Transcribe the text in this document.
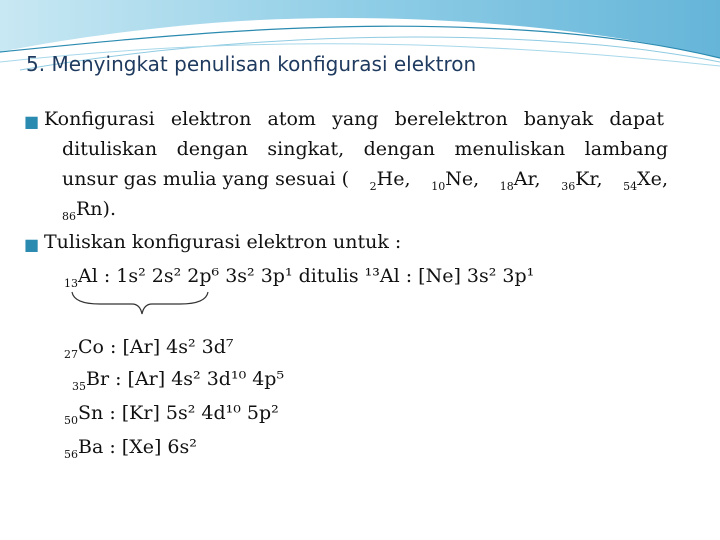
5. Menyingkat penulisan konfigurasi elektron
■ Konfigurasi elektron atom yang berelektron banyak dapat
dituliskan dengan singkat, dengan menuliskan lambang
unsur gas mulia yang sesuai ( $_2$He, $_{10}$Ne, $_{18}$Ar, $_{36}$Kr, $_{54}$Xe,
$_{86}$Rn).
■ Tuliskan konfigurasi elektron untuk :
$_{13}$Al : 1s² 2s² 2p⁶ 3s² 3p¹ ditulis ¹³Al : [Ne] 3s² 3p¹
$_{27}$Co : [Ar] 4s² 3d⁷
$_{35}$Br : [Ar] 4s² 3d¹⁰ 4p⁵
$_{50}$Sn : [Kr] 5s² 4d¹⁰ 5p²
$_{56}$Ba : [Xe] 6s²
